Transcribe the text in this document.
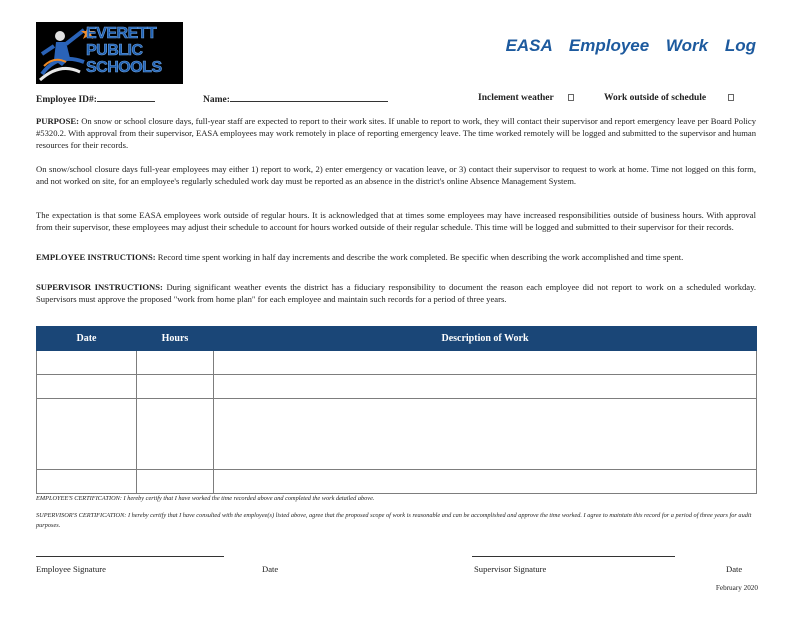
EVERETT
PUBLIC
SCHOOLS
EASA Employee Work Log
Employee ID#:	Name:	Inclement weather	Work outside of schedule
PURPOSE: On snow or school closure days, full-year staff are expected to report to their work sites. If unable to report to work, they will contact their supervisor and report emergency leave per Board Policy #5320.2. With approval from their supervisor, EASA employees may work remotely in place of reporting emergency leave. The time worked remotely will be logged and submitted to the supervisor and human resources for their records.
On snow/school closure days full-year employees may either 1) report to work, 2) enter emergency or vacation leave, or 3) contact their supervisor to request to work at home. Time not logged on this form, and not worked on site, for an employee's regularly scheduled work day must be reported as an absence in the district's online Absence Management System.
The expectation is that some EASA employees work outside of regular hours. It is acknowledged that at times some employees may have increased responsibilities outside of business hours. With approval from their supervisor, these employees may adjust their schedule to account for hours worked outside of their regular schedule. This time will be logged and submitted to their supervisor for their records.
EMPLOYEE INSTRUCTIONS: Record time spent working in half day increments and describe the work completed. Be specific when describing the work accomplished and time spent.
SUPERVISOR INSTRUCTIONS: During significant weather events the district has a fiduciary responsibility to document the reason each employee did not report to work on a scheduled workday. Supervisors must approve the proposed "work from home plan" for each employee and maintain such records for a period of three years.
Date	Hours	Description of Work

EMPLOYEE'S CERTIFICATION: I hereby certify that I have worked the time recorded above and completed the work detailed above.
SUPERVISOR'S CERTIFICATION: I hereby certify that I have consulted with the employee(s) listed above, agree that the proposed scope of work is reasonable and can be accomplished and approve the time worked. I agree to maintain this record for a period of three years for audit purposes.
Employee Signature	Date	Supervisor Signature	Date
February 2020
